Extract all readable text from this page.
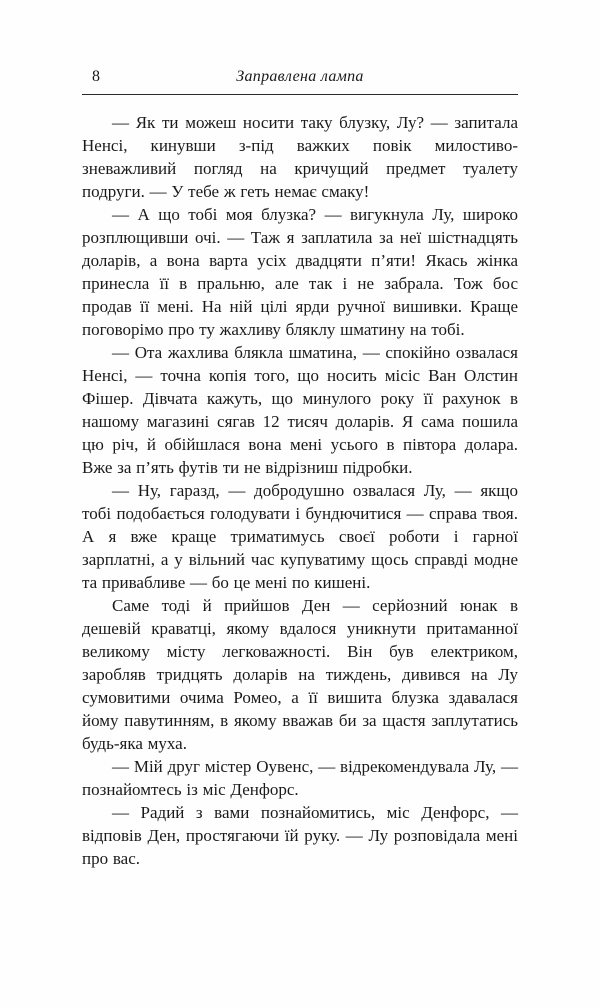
8	Заправлена лампа

— Як ти можеш носити таку блузку, Лу? — запитала Ненсі, кинувши з-під важких повік милостиво-зневажливий погляд на кричущий предмет туалету подруги. — У тебе ж геть немає смаку!

— А що тобі моя блузка? — вигукнула Лу, широко розплющивши очі. — Таж я заплатила за неї шістнадцять доларів, а вона варта усіх двадцяти п’яти! Якась жінка принесла її в пральню, але так і не забрала. Тож бос продав її мені. На ній цілі ярди ручної вишивки. Краще поговорімо про ту жахливу бляклу шматину на тобі.

— Ота жахлива блякла шматина, — спокійно озвалася Ненсі, — точна копія того, що носить місіс Ван Олстин Фішер. Дівчата кажуть, що минулого року її рахунок в нашому магазині сягав 12 тисяч доларів. Я сама пошила цю річ, й обійшлася вона мені усього в півтора долара. Вже за п’ять футів ти не відрізниш підробки.

— Ну, гаразд, — добродушно озвалася Лу, — якщо тобі подобається голодувати і бундючитися — справа твоя. А я вже краще триматимусь своєї роботи і гарної зарплатні, а у вільний час купуватиму щось справді модне та привабливе — бо це мені по кишені.

Саме тоді й прийшов Ден — серйозний юнак в дешевій краватці, якому вдалося уникнути притаманної великому місту легковажності. Він був електриком, заробляв тридцять доларів на тиждень, дивився на Лу сумовитими очима Ромео, а її вишита блузка здавалася йому павутинням, в якому вважав би за щастя заплутатись будь-яка муха.

— Мій друг містер Оувенс, — відрекомендувала Лу, — познайомтесь із міс Денфорс.

— Радий з вами познайомитись, міс Денфорс, — відповів Ден, простягаючи їй руку. — Лу розповідала мені про вас.
